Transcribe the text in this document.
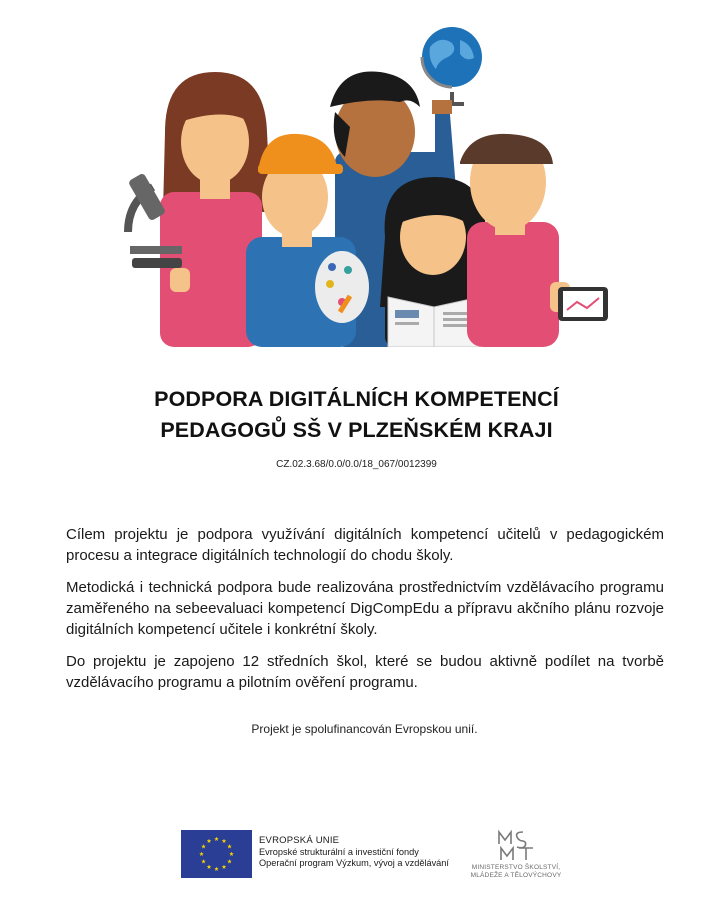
PODPORA DIGITÁLNÍCH KOMPETENCÍ
PEDAGOGŮ SŠ V PLZEŇSKÉM KRAJI
CZ.02.3.68/0.0/0.0/18_067/0012399

Cílem projektu je podpora využívání digitálních kompetencí učitelů v pedagogickém procesu a integrace digitálních technologií do chodu školy.

Metodická i technická podpora bude realizována prostřednictvím vzdělávacího programu zaměřeného na sebeevaluaci kompetencí DigCompEdu a přípravu akčního plánu rozvoje digitálních kompetencí učitele i konkrétní školy.

Do projektu je zapojeno 12 středních škol, které se budou aktivně podílet na tvorbě vzdělávacího programu a pilotním ověření programu.

Projekt je spolufinancován Evropskou unií.
EVROPSKÁ UNIE
Evropské strukturální a investiční fondy
Operační program Výzkum, vývoj a vzdělávání	MINISTERSTVO ŠKOLSTVÍ,
MLÁDEŽE A TĚLOVÝCHOVY
